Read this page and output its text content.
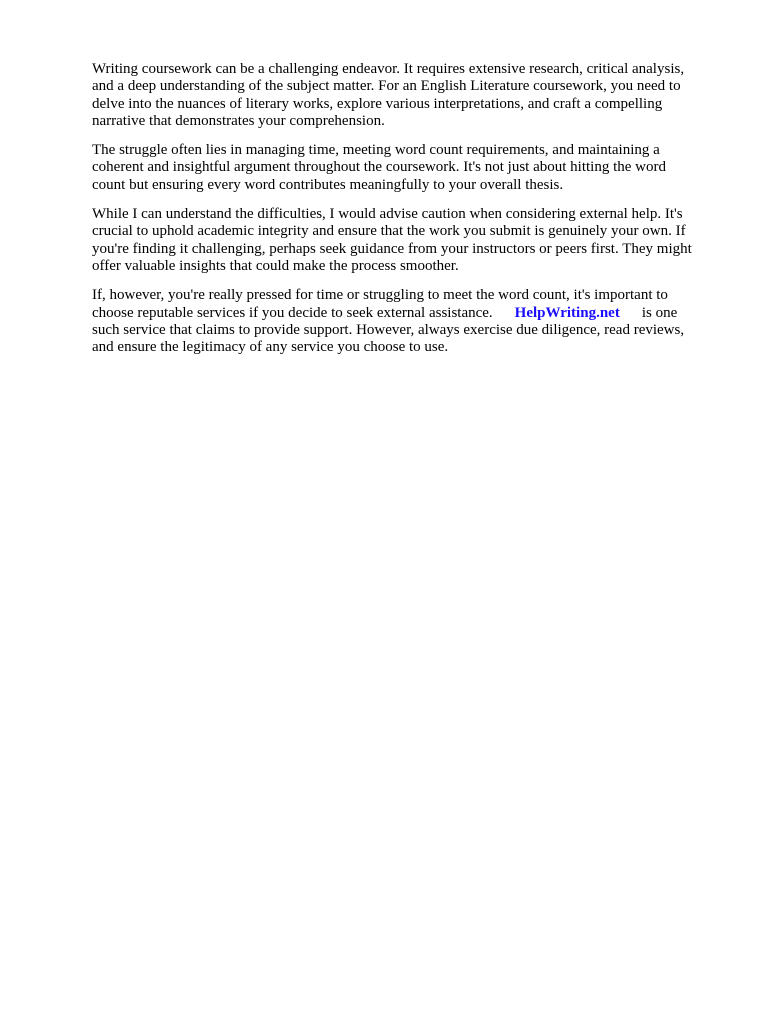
Writing coursework can be a challenging endeavor. It requires extensive research, critical analysis,
and a deep understanding of the subject matter. For an English Literature coursework, you need to
delve into the nuances of literary works, explore various interpretations, and craft a compelling
narrative that demonstrates your comprehension.

The struggle often lies in managing time, meeting word count requirements, and maintaining a
coherent and insightful argument throughout the coursework. It's not just about hitting the word
count but ensuring every word contributes meaningfully to your overall thesis.

While I can understand the difficulties, I would advise caution when considering external help. It's
crucial to uphold academic integrity and ensure that the work you submit is genuinely your own. If
you're finding it challenging, perhaps seek guidance from your instructors or peers first. They might
offer valuable insights that could make the process smoother.

If, however, you're really pressed for time or struggling to meet the word count, it's important to
choose reputable services if you decide to seek external assistance. HelpWriting.net is one
such service that claims to provide support. However, always exercise due diligence, read reviews,
and ensure the legitimacy of any service you choose to use.
